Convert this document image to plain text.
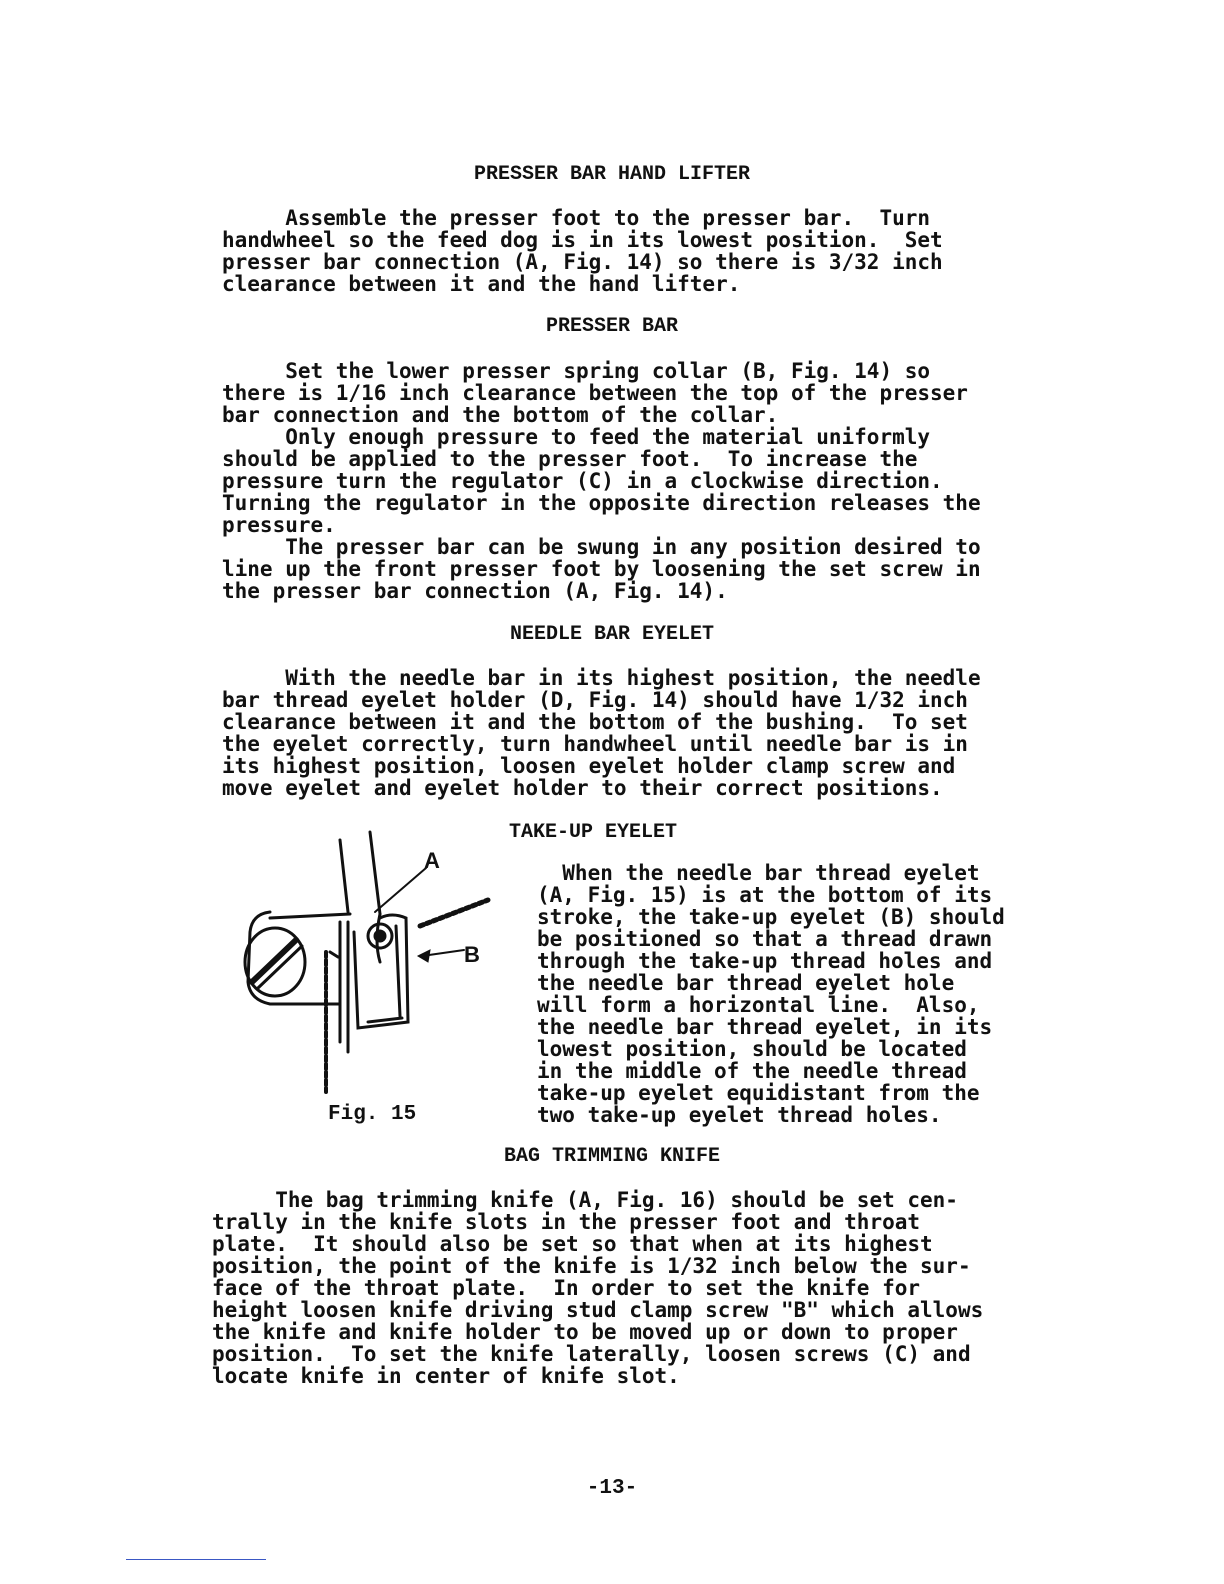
PRESSER BAR HAND LIFTER
Assemble the presser foot to the presser bar.  Turn
handwheel so the feed dog is in its lowest position.  Set
presser bar connection (A, Fig. 14) so there is 3/32 inch
clearance between it and the hand lifter.
PRESSER BAR
Set the lower presser spring collar (B, Fig. 14) so
there is 1/16 inch clearance between the top of the presser
bar connection and the bottom of the collar.
Only enough pressure to feed the material uniformly
should be applied to the presser foot.  To increase the
pressure turn the regulator (C) in a clockwise direction.
Turning the regulator in the opposite direction releases the
pressure.
The presser bar can be swung in any position desired to
line up the front presser foot by loosening the set screw in
the presser bar connection (A, Fig. 14).
NEEDLE BAR EYELET
With the needle bar in its highest position, the needle
bar thread eyelet holder (D, Fig. 14) should have 1/32 inch
clearance between it and the bottom of the bushing.  To set
the eyelet correctly, turn handwheel until needle bar is in
its highest position, loosen eyelet holder clamp screw and
move eyelet and eyelet holder to their correct positions.
TAKE-UP EYELET
When the needle bar thread eyelet
(A, Fig. 15) is at the bottom of its
stroke, the take-up eyelet (B) should
be positioned so that a thread drawn
through the take-up thread holes and
the needle bar thread eyelet hole
will form a horizontal line.  Also,
the needle bar thread eyelet, in its
lowest position, should be located
in the middle of the needle thread
take-up eyelet equidistant from the
two take-up eyelet thread holes.
A
B
Fig. 15
BAG TRIMMING KNIFE
The bag trimming knife (A, Fig. 16) should be set cen-
trally in the knife slots in the presser foot and throat
plate.  It should also be set so that when at its highest
position, the point of the knife is 1/32 inch below the sur-
face of the throat plate.  In order to set the knife for
height loosen knife driving stud clamp screw "B" which allows
the knife and knife holder to be moved up or down to proper
position.  To set the knife laterally, loosen screws (C) and
locate knife in center of knife slot.
-13-
